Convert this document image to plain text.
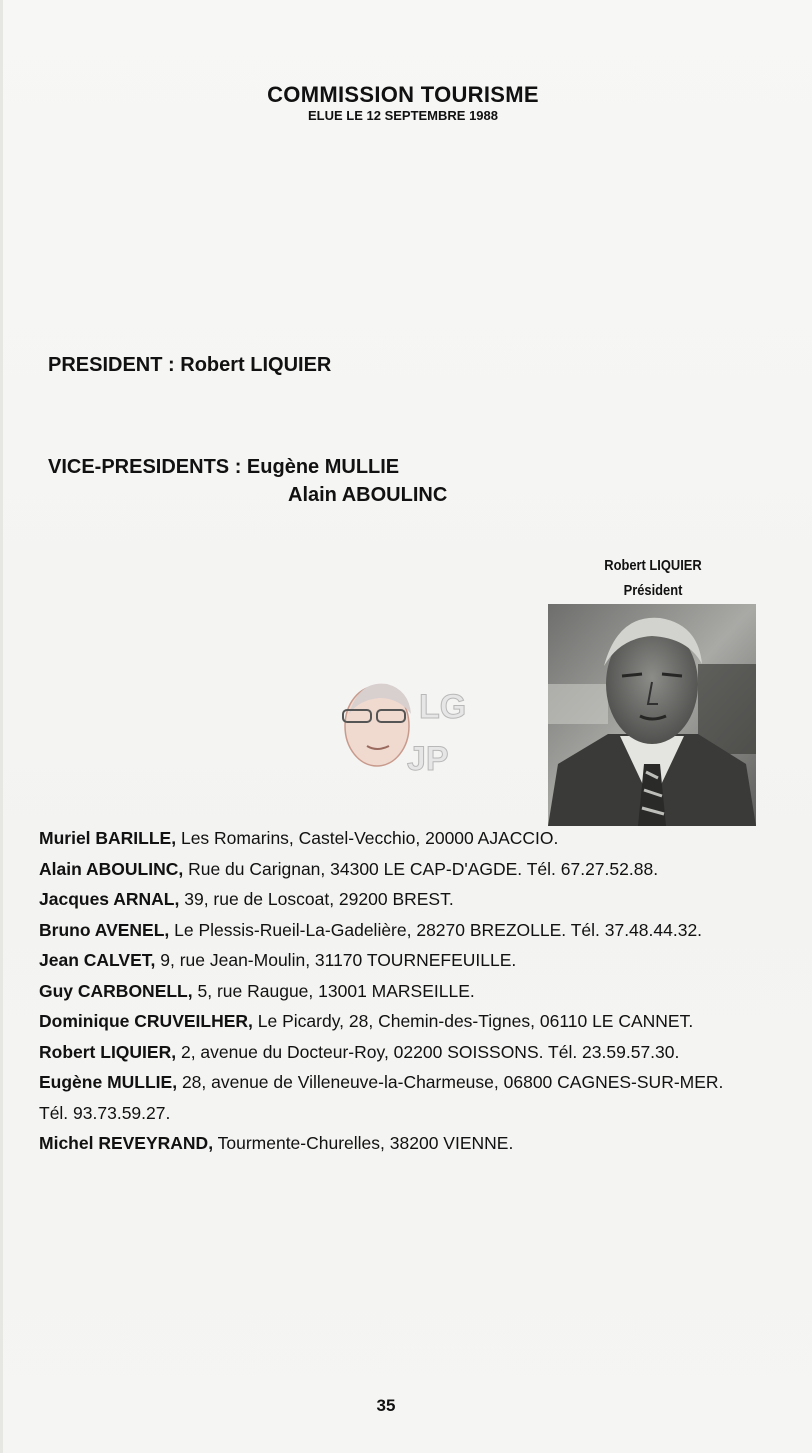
COMMISSION TOURISME
ELUE LE 12 SEPTEMBRE 1988
PRESIDENT : Robert LIQUIER
VICE-PRESIDENTS : Eugène MULLIE
Alain ABOULINC
Robert LIQUIER
Président
LG
JP
Muriel BARILLE, Les Romarins, Castel-Vecchio, 20000 AJACCIO.
Alain ABOULINC, Rue du Carignan, 34300 LE CAP-D'AGDE. Tél. 67.27.52.88.
Jacques ARNAL, 39, rue de Loscoat, 29200 BREST.
Bruno AVENEL, Le Plessis-Rueil-La-Gadelière, 28270 BREZOLLE. Tél. 37.48.44.32.
Jean CALVET, 9, rue Jean-Moulin, 31170 TOURNEFEUILLE.
Guy CARBONELL, 5, rue Raugue, 13001 MARSEILLE.
Dominique CRUVEILHER, Le Picardy, 28, Chemin-des-Tignes, 06110 LE CANNET.
Robert LIQUIER, 2, avenue du Docteur-Roy, 02200 SOISSONS. Tél. 23.59.57.30.
Eugène MULLIE, 28, avenue de Villeneuve-la-Charmeuse, 06800 CAGNES-SUR-MER.
Tél. 93.73.59.27.
Michel REVEYRAND, Tourmente-Churelles, 38200 VIENNE.
35
